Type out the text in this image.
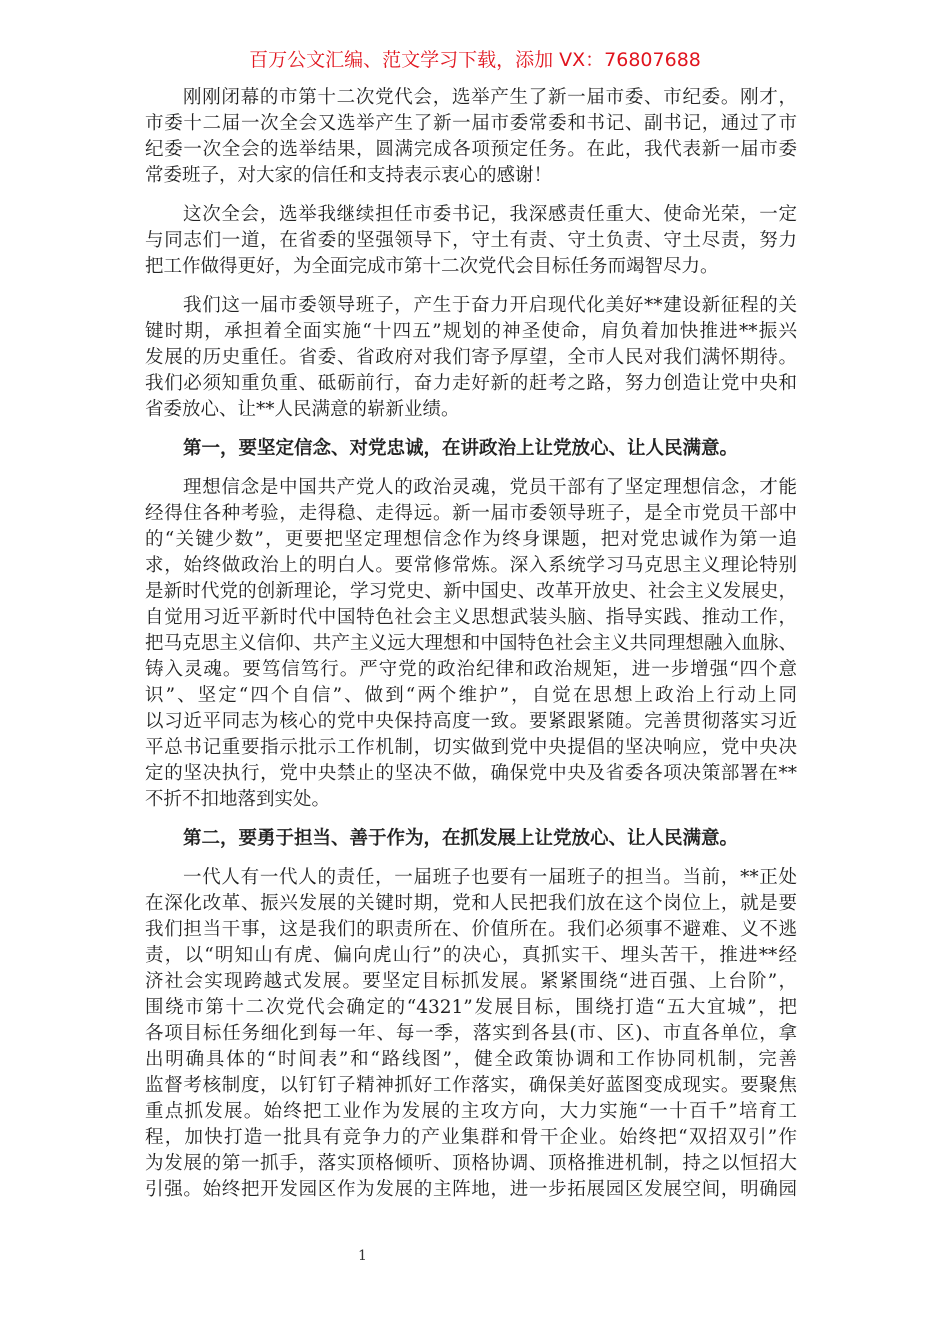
百万公文汇编、范文学习下载，添加 VX：76807688
刚刚闭幕的市第十二次党代会，选举产生了新一届市委、市纪委。刚才，
市委十二届一次全会又选举产生了新一届市委常委和书记、副书记，通过了市
纪委一次全会的选举结果，圆满完成各项预定任务。在此，我代表新一届市委
常委班子，对大家的信任和支持表示衷心的感谢！
这次全会，选举我继续担任市委书记，我深感责任重大、使命光荣，一定
与同志们一道，在省委的坚强领导下，守土有责、守土负责、守土尽责，努力
把工作做得更好，为全面完成市第十二次党代会目标任务而竭智尽力。
我们这一届市委领导班子，产生于奋力开启现代化美好**建设新征程的关
键时期，承担着全面实施“十四五”规划的神圣使命，肩负着加快推进**振兴
发展的历史重任。省委、省政府对我们寄予厚望，全市人民对我们满怀期待。
我们必须知重负重、砥砺前行，奋力走好新的赶考之路，努力创造让党中央和
省委放心、让**人民满意的崭新业绩。
第一，要坚定信念、对党忠诚，在讲政治上让党放心、让人民满意。
理想信念是中国共产党人的政治灵魂，党员干部有了坚定理想信念，才能
经得住各种考验，走得稳、走得远。新一届市委领导班子，是全市党员干部中
的“关键少数”，更要把坚定理想信念作为终身课题，把对党忠诚作为第一追
求，始终做政治上的明白人。要常修常炼。深入系统学习马克思主义理论特别
是新时代党的创新理论，学习党史、新中国史、改革开放史、社会主义发展史，
自觉用习近平新时代中国特色社会主义思想武装头脑、指导实践、推动工作，
把马克思主义信仰、共产主义远大理想和中国特色社会主义共同理想融入血脉、
铸入灵魂。要笃信笃行。严守党的政治纪律和政治规矩，进一步增强“四个意
识”、坚定“四个自信”、做到“两个维护”，自觉在思想上政治上行动上同
以习近平同志为核心的党中央保持高度一致。要紧跟紧随。完善贯彻落实习近
平总书记重要指示批示工作机制，切实做到党中央提倡的坚决响应，党中央决
定的坚决执行，党中央禁止的坚决不做，确保党中央及省委各项决策部署在**
不折不扣地落到实处。
第二，要勇于担当、善于作为，在抓发展上让党放心、让人民满意。
一代人有一代人的责任，一届班子也要有一届班子的担当。当前，**正处
在深化改革、振兴发展的关键时期，党和人民把我们放在这个岗位上，就是要
我们担当干事，这是我们的职责所在、价值所在。我们必须事不避难、义不逃
责，以“明知山有虎、偏向虎山行”的决心，真抓实干、埋头苦干，推进**经
济社会实现跨越式发展。要坚定目标抓发展。紧紧围绕“进百强、上台阶”，
围绕市第十二次党代会确定的“4321”发展目标，围绕打造“五大宜城”，把
各项目标任务细化到每一年、每一季，落实到各县(市、区)、市直各单位，拿
出明确具体的“时间表”和“路线图”，健全政策协调和工作协同机制，完善
监督考核制度，以钉钉子精神抓好工作落实，确保美好蓝图变成现实。要聚焦
重点抓发展。始终把工业作为发展的主攻方向，大力实施“一十百千”培育工
程，加快打造一批具有竞争力的产业集群和骨干企业。始终把“双招双引”作
为发展的第一抓手，落实顶格倾听、顶格协调、顶格推进机制，持之以恒招大
引强。始终把开发园区作为发展的主阵地，进一步拓展园区发展空间，明确园
1
